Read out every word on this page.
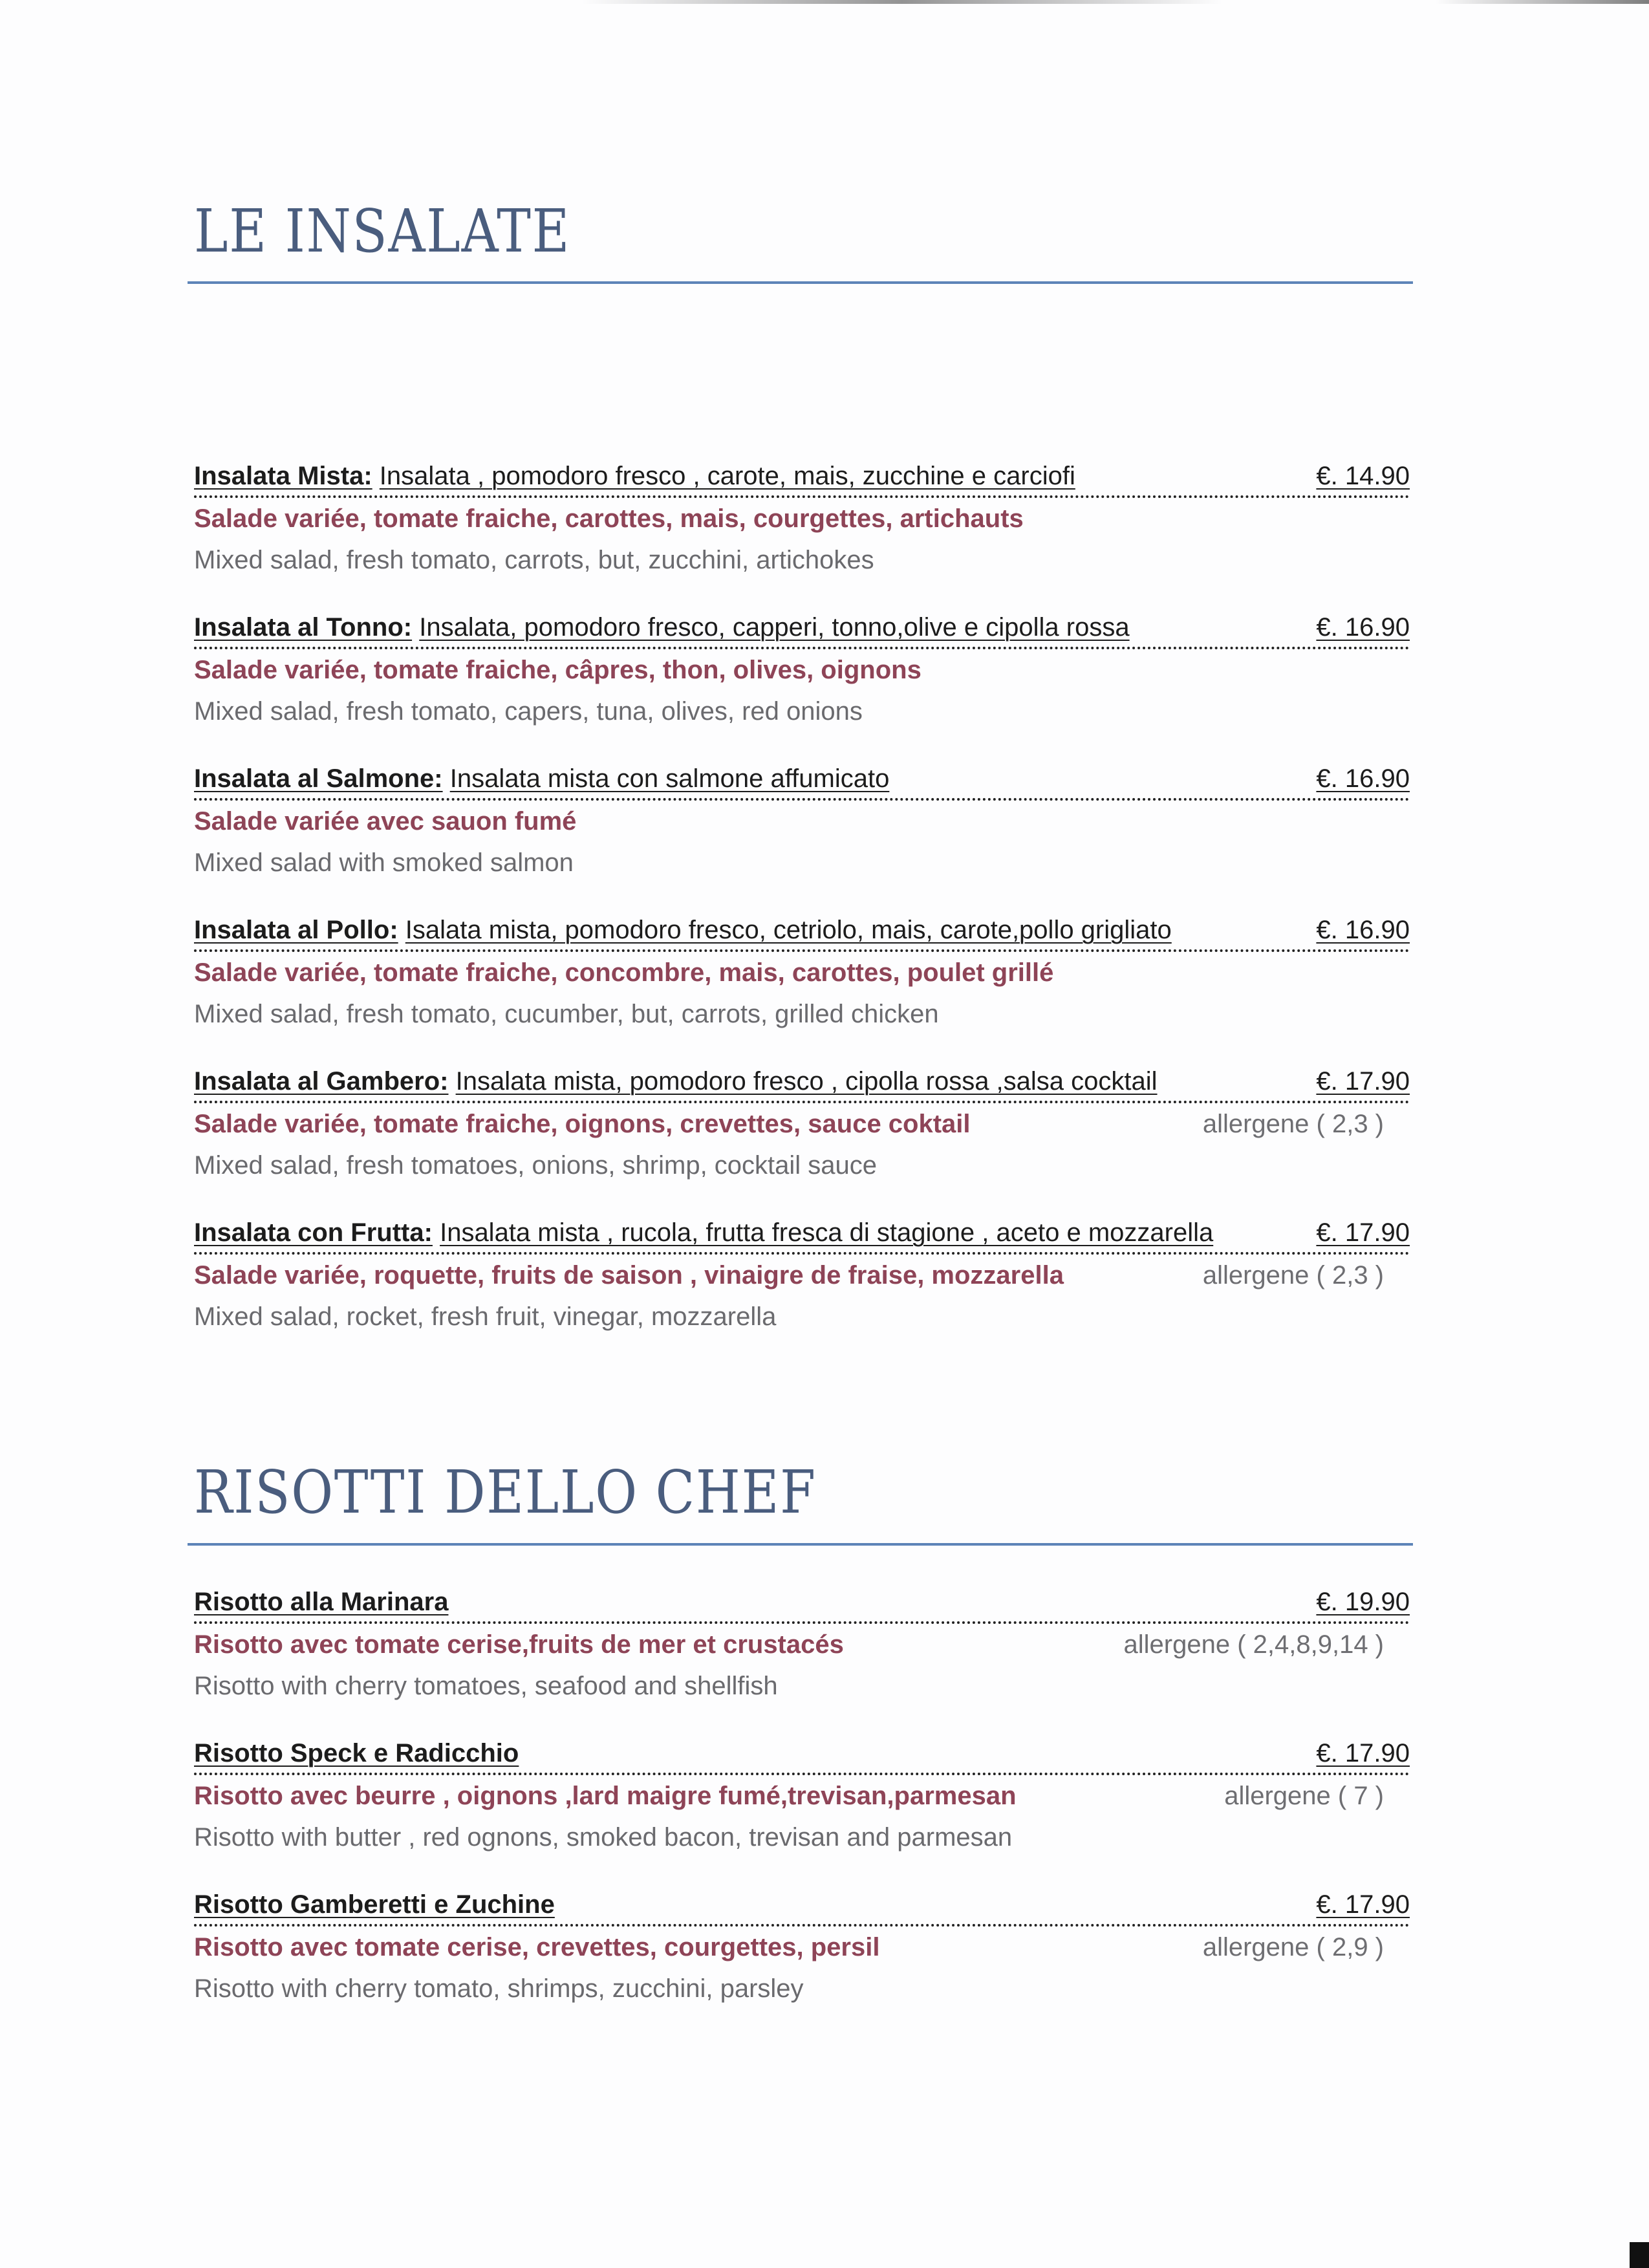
LE INSALATE
Insalata Mista: Insalata , pomodoro fresco , carote, mais, zucchine e carciofi	€. 14.90
Salade variée, tomate fraiche, carottes, mais, courgettes, artichauts
Mixed salad, fresh tomato, carrots, but, zucchini, artichokes
Insalata al Tonno: Insalata, pomodoro fresco, capperi, tonno,olive e cipolla rossa	€. 16.90
Salade variée, tomate fraiche, câpres, thon, olives, oignons
Mixed salad, fresh tomato, capers, tuna, olives, red onions
Insalata al Salmone: Insalata mista con salmone affumicato	€. 16.90
Salade variée avec sauon fumé
Mixed salad with smoked salmon
Insalata al Pollo: Isalata mista, pomodoro fresco, cetriolo, mais, carote,pollo grigliato	€. 16.90
Salade variée, tomate fraiche, concombre, mais, carottes, poulet grillé
Mixed salad, fresh tomato, cucumber, but, carrots, grilled chicken
Insalata al Gambero: Insalata mista, pomodoro fresco , cipolla rossa ,salsa cocktail	€. 17.90
Salade variée, tomate fraiche, oignons, crevettes, sauce coktail	allergene ( 2,3 )
Mixed salad, fresh tomatoes, onions, shrimp, cocktail sauce
Insalata con Frutta: Insalata mista , rucola, frutta fresca di stagione , aceto e mozzarella	€. 17.90
Salade variée, roquette, fruits de saison , vinaigre de fraise, mozzarella	allergene ( 2,3 )
Mixed salad, rocket, fresh fruit, vinegar, mozzarella
RISOTTI DELLO CHEF
Risotto alla Marinara	€. 19.90
Risotto avec tomate cerise,fruits de mer et crustacés	allergene ( 2,4,8,9,14 )
Risotto with cherry tomatoes, seafood and shellfish
Risotto Speck e Radicchio	€. 17.90
Risotto avec beurre , oignons ,lard maigre fumé,trevisan,parmesan	allergene ( 7 )
Risotto with butter , red ognons, smoked bacon, trevisan and parmesan
Risotto Gamberetti e Zuchine	€. 17.90
Risotto avec tomate cerise, crevettes, courgettes, persil	allergene ( 2,9 )
Risotto with cherry tomato, shrimps, zucchini, parsley
